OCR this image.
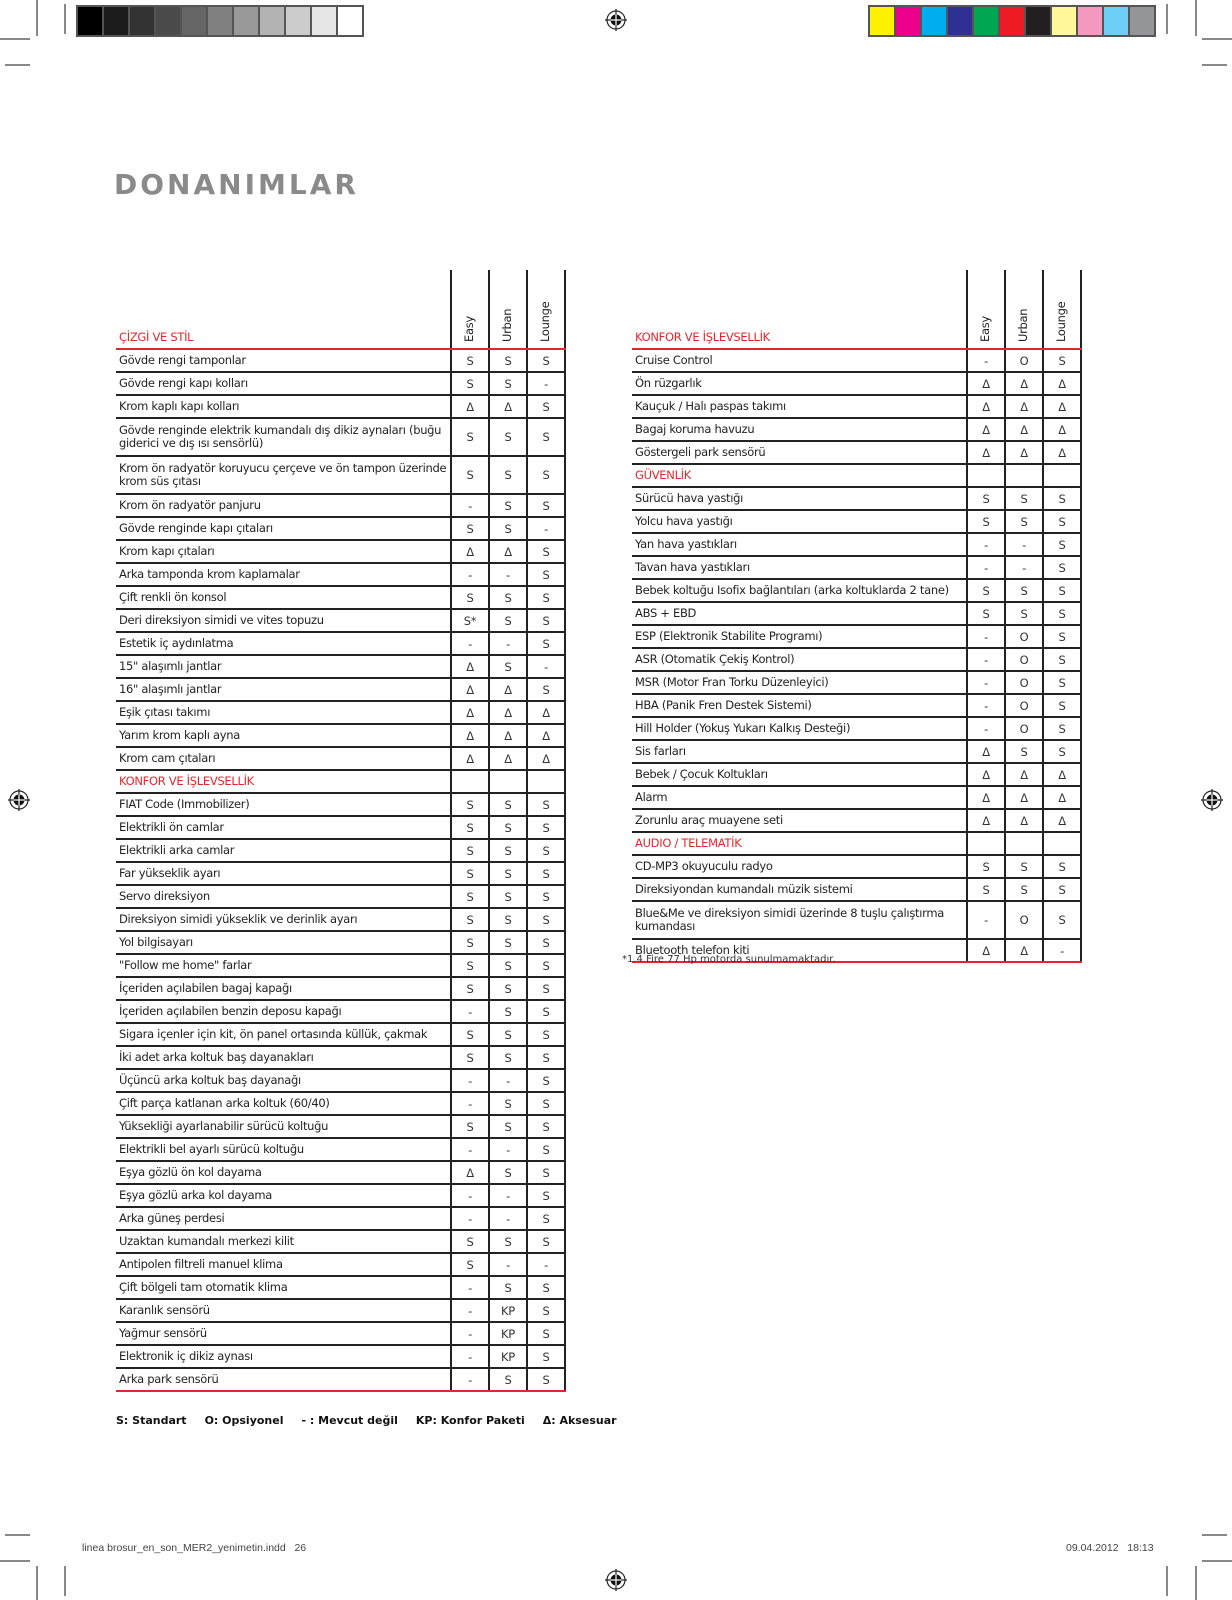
DONANIMLAR
ÇİZGİ VE STİL	Easy	Urban	Lounge

Gövde rengi tamponlar	S	S	S
Gövde rengi kapı kolları	S	S	-
Krom kaplı kapı kolları	Δ	Δ	S
Gövde renginde elektrik kumandalı dış dikiz aynaları (buğu giderici ve dış ısı sensörlü)	S	S	S
Krom ön radyatör koruyucu çerçeve ve ön tampon üzerinde krom süs çıtası	S	S	S
Krom ön radyatör panjuru	-	S	S
Gövde renginde kapı çıtaları	S	S	-
Krom kapı çıtaları	Δ	Δ	S
Arka tamponda krom kaplamalar	-	-	S
Çift renkli ön konsol	S	S	S
Deri direksiyon simidi ve vites topuzu	S*	S	S
Estetik iç aydınlatma	-	-	S
15" alaşımlı jantlar	Δ	S	-
16" alaşımlı jantlar	Δ	Δ	S
Eşik çıtası takımı	Δ	Δ	Δ
Yarım krom kaplı ayna	Δ	Δ	Δ
Krom cam çıtaları	Δ	Δ	Δ
KONFOR VE İŞLEVSELLİK			
FIAT Code (Immobilizer)	S	S	S
Elektrikli ön camlar	S	S	S
Elektrikli arka camlar	S	S	S
Far yükseklik ayarı	S	S	S
Servo direksiyon	S	S	S
Direksiyon simidi yükseklik ve derinlik ayarı	S	S	S
Yol bilgisayarı	S	S	S
"Follow me home" farlar	S	S	S
İçeriden açılabilen bagaj kapağı	S	S	S
İçeriden açılabilen benzin deposu kapağı	-	S	S
Sigara içenler için kit, ön panel ortasında küllük, çakmak	S	S	S
İki adet arka koltuk baş dayanakları	S	S	S
Üçüncü arka koltuk baş dayanağı	-	-	S
Çift parça katlanan arka koltuk (60/40)	-	S	S
Yüksekliği ayarlanabilir sürücü koltuğu	S	S	S
Elektrikli bel ayarlı sürücü koltuğu	-	-	S
Eşya gözlü ön kol dayama	Δ	S	S
Eşya gözlü arka kol dayama	-	-	S
Arka güneş perdesi	-	-	S
Uzaktan kumandalı merkezi kilit	S	S	S
Antipolen filtreli manuel klima	S	-	-
Çift bölgeli tam otomatik klima	-	S	S
Karanlık sensörü	-	KP	S
Yağmur sensörü	-	KP	S
Elektronik iç dikiz aynası	-	KP	S
Arka park sensörü	-	S	S
KONFOR VE İŞLEVSELLİK	Easy	Urban	Lounge

Cruise Control	-	O	S
Ön rüzgarlık	Δ	Δ	Δ
Kauçuk / Halı paspas takımı	Δ	Δ	Δ
Bagaj koruma havuzu	Δ	Δ	Δ
Göstergeli park sensörü	Δ	Δ	Δ
GÜVENLİK			
Sürücü hava yastığı	S	S	S
Yolcu hava yastığı	S	S	S
Yan hava yastıkları	-	-	S
Tavan hava yastıkları	-	-	S
Bebek koltuğu Isofix bağlantıları (arka koltuklarda 2 tane)	S	S	S
ABS + EBD	S	S	S
ESP (Elektronik Stabilite Programı)	-	O	S
ASR (Otomatik Çekiş Kontrol)	-	O	S
MSR (Motor Fran Torku Düzenleyici)	-	O	S
HBA (Panik Fren Destek Sistemi)	-	O	S
Hill Holder (Yokuş Yukarı Kalkış Desteği)	-	O	S
Sis farları	Δ	S	S
Bebek / Çocuk Koltukları	Δ	Δ	Δ
Alarm	Δ	Δ	Δ
Zorunlu araç muayene seti	Δ	Δ	Δ
AUDIO / TELEMATİK			
CD-MP3 okuyuculu radyo	S	S	S
Direksiyondan kumandalı müzik sistemi	S	S	S
Blue&Me ve direksiyon simidi üzerinde 8 tuşlu çalıştırma kumandası	-	O	S
Bluetooth telefon kiti	Δ	Δ	-
*1.4 Fire 77 Hp motorda sunulmamaktadır.
S: Standart O: Opsiyonel - : Mevcut değil KP: Konfor Paketi Δ: Aksesuar
linea brosur_en_son_MER2_yenimetin.indd   26	09.04.2012   18:13
